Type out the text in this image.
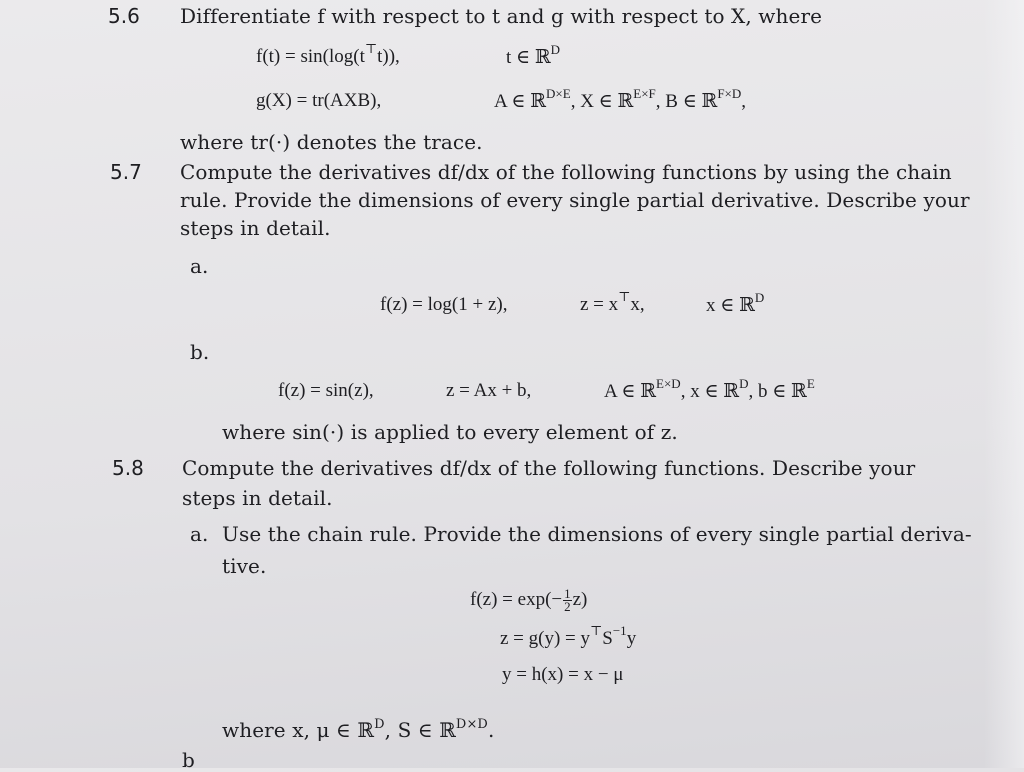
5.6 Differentiate f with respect to t and g with respect to X, where
f(t) = sin(log(t⊤t)),	t ∈ ℝ$^D$
g(X) = tr(AXB),	A ∈ ℝ$^{D\times E}$, X ∈ ℝ$^{E\times F}$, B ∈ ℝ$^{F\times D}$,
where tr(·) denotes the trace.
5.7 Compute the derivatives df/dx of the following functions by using the chain
rule. Provide the dimensions of every single partial derivative. Describe your
steps in detail.
a.
f(z) = log(1 + z),	z = x⊤x,	x ∈ ℝ$^D$
b.
f(z) = sin(z),	z = Ax + b,	A ∈ ℝ$^{E\times D}$, x ∈ ℝ$^D$, b ∈ ℝ$^E$
where sin(·) is applied to every element of z.
5.8 Compute the derivatives df/dx of the following functions. Describe your
steps in detail.
a. Use the chain rule. Provide the dimensions of every single partial deriva-
tive.
$f(z) = \exp(- \frac{1}{2} z)$
$z = g(y) = y^⊤S^{-1}y$
y = h(x) = x − μ
where x, μ ∈ ℝ$^D$, S ∈ ℝ$^{D\times D}$.
b
